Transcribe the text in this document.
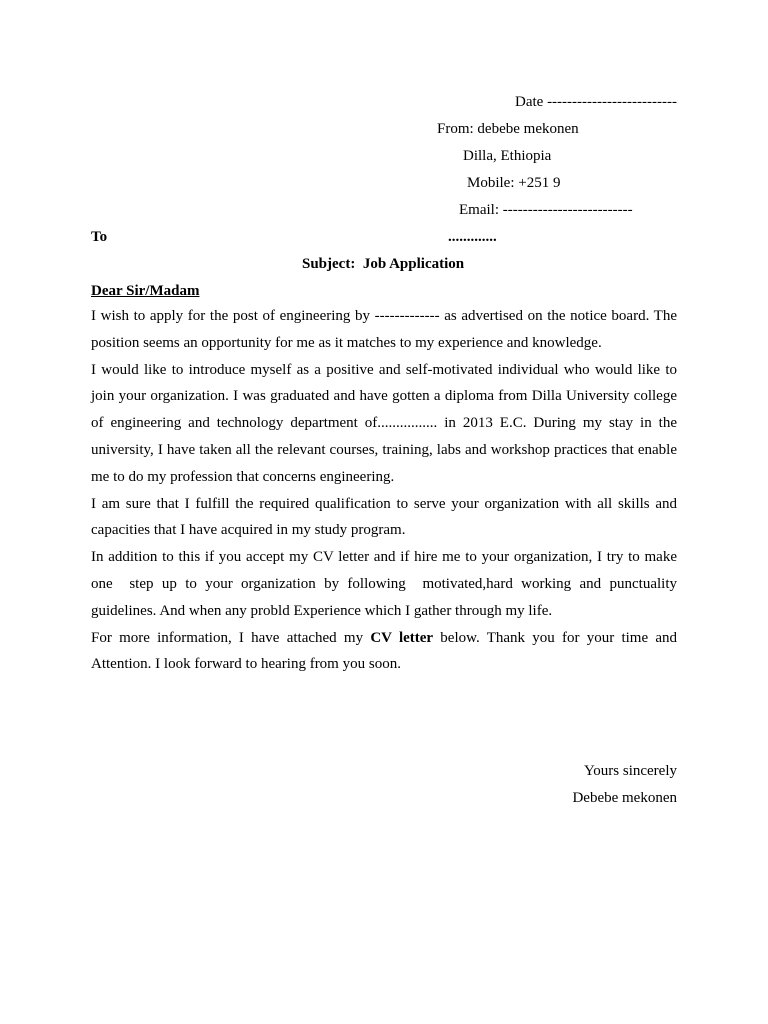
Date --------------------------
From: debebe mekonen
Dilla, Ethiopia
Mobile: +251 9
Email: --------------------------
To	.............
Subject:  Job Application
Dear Sir/Madam

I wish to apply for the post of engineering by ------------- as advertised on the notice board. The position seems an opportunity for me as it matches to my experience and knowledge.

I would like to introduce myself as a positive and self-motivated individual who would like to join your organization. I was graduated and have gotten a diploma from Dilla University college of engineering and technology department of................ in 2013 E.C. During my stay in the university, I have taken all the relevant courses, training, labs and workshop practices that enable me to do my profession that concerns engineering.

I am sure that I fulfill the required qualification to serve your organization with all skills and capacities that I have acquired in my study program.

In addition to this if you accept my CV letter and if hire me to your organization, I try to make one  step up to your organization by following  motivated,hard working and punctuality guidelines. And when any probld Experience which I gather through my life.

For more information, I have attached my CV letter below. Thank you for your time and Attention. I look forward to hearing from you soon.

Yours sincerely
Debebe mekonen
